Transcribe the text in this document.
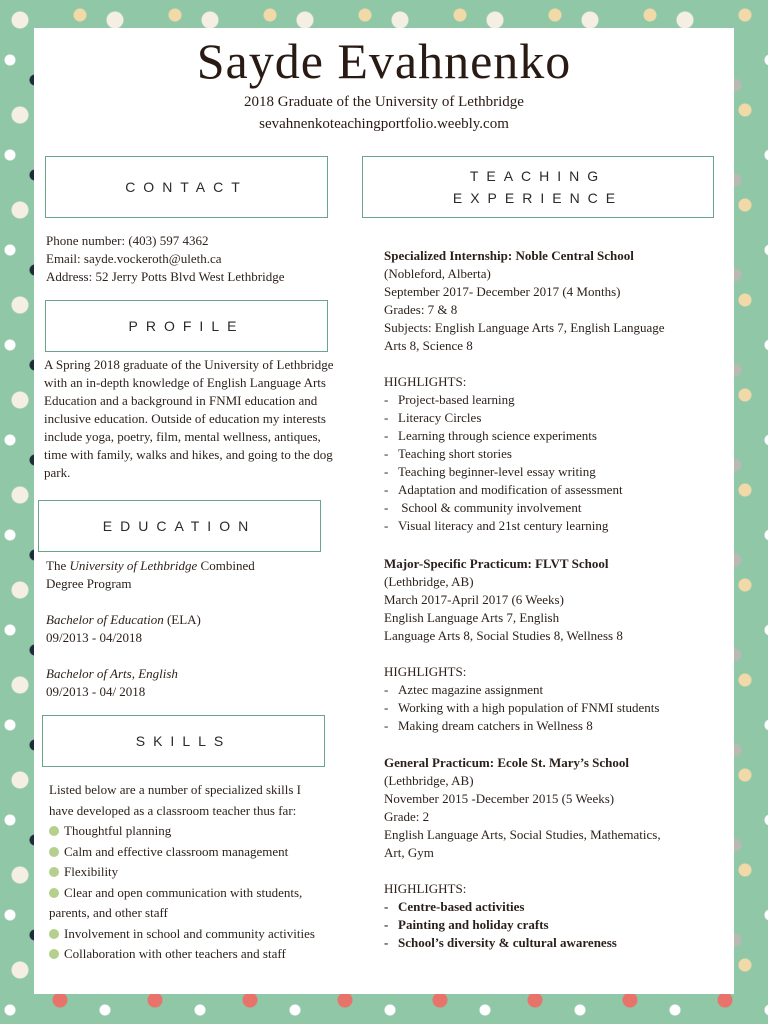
Sayde Evahnenko
2018 Graduate of the University of Lethbridge
sevahnenkoteachingportfolio.weebly.com
CONTACT
Phone number: (403) 597 4362
Email: sayde.vockeroth@uleth.ca
Address: 52 Jerry Potts Blvd West Lethbridge
PROFILE
A Spring 2018 graduate of the University of Lethbridge with an in-depth knowledge of English Language Arts Education and a background in FNMI education and inclusive education. Outside of education my interests include yoga, poetry, film, mental wellness, antiques, time with family, walks and hikes, and going to the dog park.
EDUCATION
The University of Lethbridge Combined
Degree Program
Bachelor of Education (ELA)
09/2013 - 04/2018
Bachelor of Arts, English
09/2013 - 04/ 2018
SKILLS
Listed below are a number of specialized skills I
have developed as a classroom teacher thus far:
Thoughtful planning
Calm and effective classroom management
Flexibility
Clear and open communication with students,
parents, and other staff
Involvement in school and community activities
Collaboration with other teachers and staff
TEACHING
EXPERIENCE
Specialized Internship: Noble Central School
(Nobleford, Alberta)
September 2017- December 2017 (4 Months)
Grades: 7 & 8
Subjects: English Language Arts 7, English Language
Arts 8, Science 8
HIGHLIGHTS:
- Project-based learning
- Literacy Circles
- Learning through science experiments
- Teaching short stories
- Teaching beginner-level essay writing
- Adaptation and modification of assessment
- School & community involvement
- Visual literacy and 21st century learning
Major-Specific Practicum: FLVT School
(Lethbridge, AB)
March 2017-April 2017 (6 Weeks)
English Language Arts 7, English
Language Arts 8, Social Studies 8, Wellness 8
HIGHLIGHTS:
- Aztec magazine assignment
- Working with a high population of FNMI students
- Making dream catchers in Wellness 8
General Practicum: Ecole St. Mary’s School
(Lethbridge, AB)
November 2015 -December 2015 (5 Weeks)
Grade: 2
English Language Arts, Social Studies, Mathematics,
Art, Gym
HIGHLIGHTS:
- Centre-based activities
- Painting and holiday crafts
- School’s diversity & cultural awareness
